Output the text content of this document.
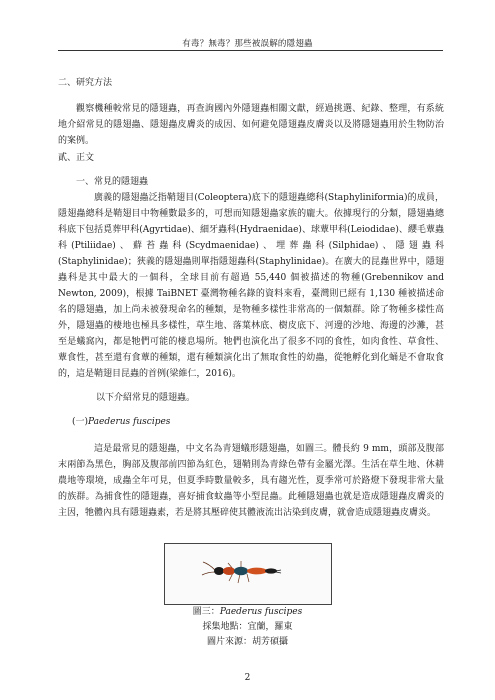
有毒？無毒？那些被誤解的隱翅蟲
二、研究方法
觀察機種較常見的隱翅蟲，再查詢國內外隱翅蟲相關文獻，經過挑選、紀錄、整理，有系統地介紹常見的隱翅蟲、隱翅蟲皮膚炎的成因、如何避免隱翅蟲皮膚炎以及將隱翅蟲用於生物防治的案例。
貳、正文
一、常見的隱翅蟲
廣義的隱翅蟲泛指鞘翅目(Coleoptera)底下的隱翅蟲總科(Staphyliniformia)的成員，隱翅蟲總科是鞘翅目中物種數最多的，可想而知隱翅蟲家族的龐大。依據現行的分類，隱翅蟲總科底下包括覓葬甲科(Agyrtidae)、細牙蟲科(Hydraenidae)、球蕈甲科(Leiodidae)、纓毛蕈蟲科(Ptiliidae)、蘚苔蟲科(Scydmaenidae)、埋葬蟲科(Silphidae)、隱翅蟲科(Staphylinidae)；狹義的隱翅蟲則單指隱翅蟲科(Staphylinidae)。在廣大的昆蟲世界中，隱翅蟲科是其中最大的一個科，全球目前有超過 55,440 個被描述的物種(Grebennikov and Newton, 2009)，根據 TaiBNET 臺灣物種名錄的資料來看，臺灣則已經有 1,130 種被描述命名的隱翅蟲，加上尚未被發現命名的種類，是物種多樣性非常高的一個類群。除了物種多樣性高外，隱翅蟲的棲地也極具多樣性，草生地、落葉林底、樹皮底下、河邊的沙地、海邊的沙灘，甚至是蟻窩內，都是牠們可能的棲息場所。牠們也演化出了很多不同的食性，如肉食性、草食性、蕈食性，甚至還有食蕈的種類，還有種類演化出了無取食性的幼蟲，從牠孵化到化蛹是不會取食的，這是鞘翅目昆蟲的首例(梁維仁，2016)。
以下介紹常見的隱翅蟲。
(一)Paederus fuscipes
這是最常見的隱翅蟲，中文名為青翅蟻形隱翅蟲，如圖三。體長約 9 mm，頭部及腹部末兩節為黑色，胸部及腹部前四節為紅色，翅鞘則為青綠色帶有金屬光澤。生活在草生地、休耕農地等環境，成蟲全年可見，但夏季時數量較多，具有趨光性，夏季常可於路燈下發現非常大量的族群。為捕食性的隱翅蟲，喜好捕食蚊蟲等小型昆蟲。此種隱翅蟲也就是造成隱翅蟲皮膚炎的主因，牠體內具有隱翅蟲素，若是將其壓碎使其體液流出沾染到皮膚，就會造成隱翅蟲皮膚炎。
圖三：Paederus fuscipes
採集地點：宜蘭，羅東
圖片來源：胡芳碩攝
2
